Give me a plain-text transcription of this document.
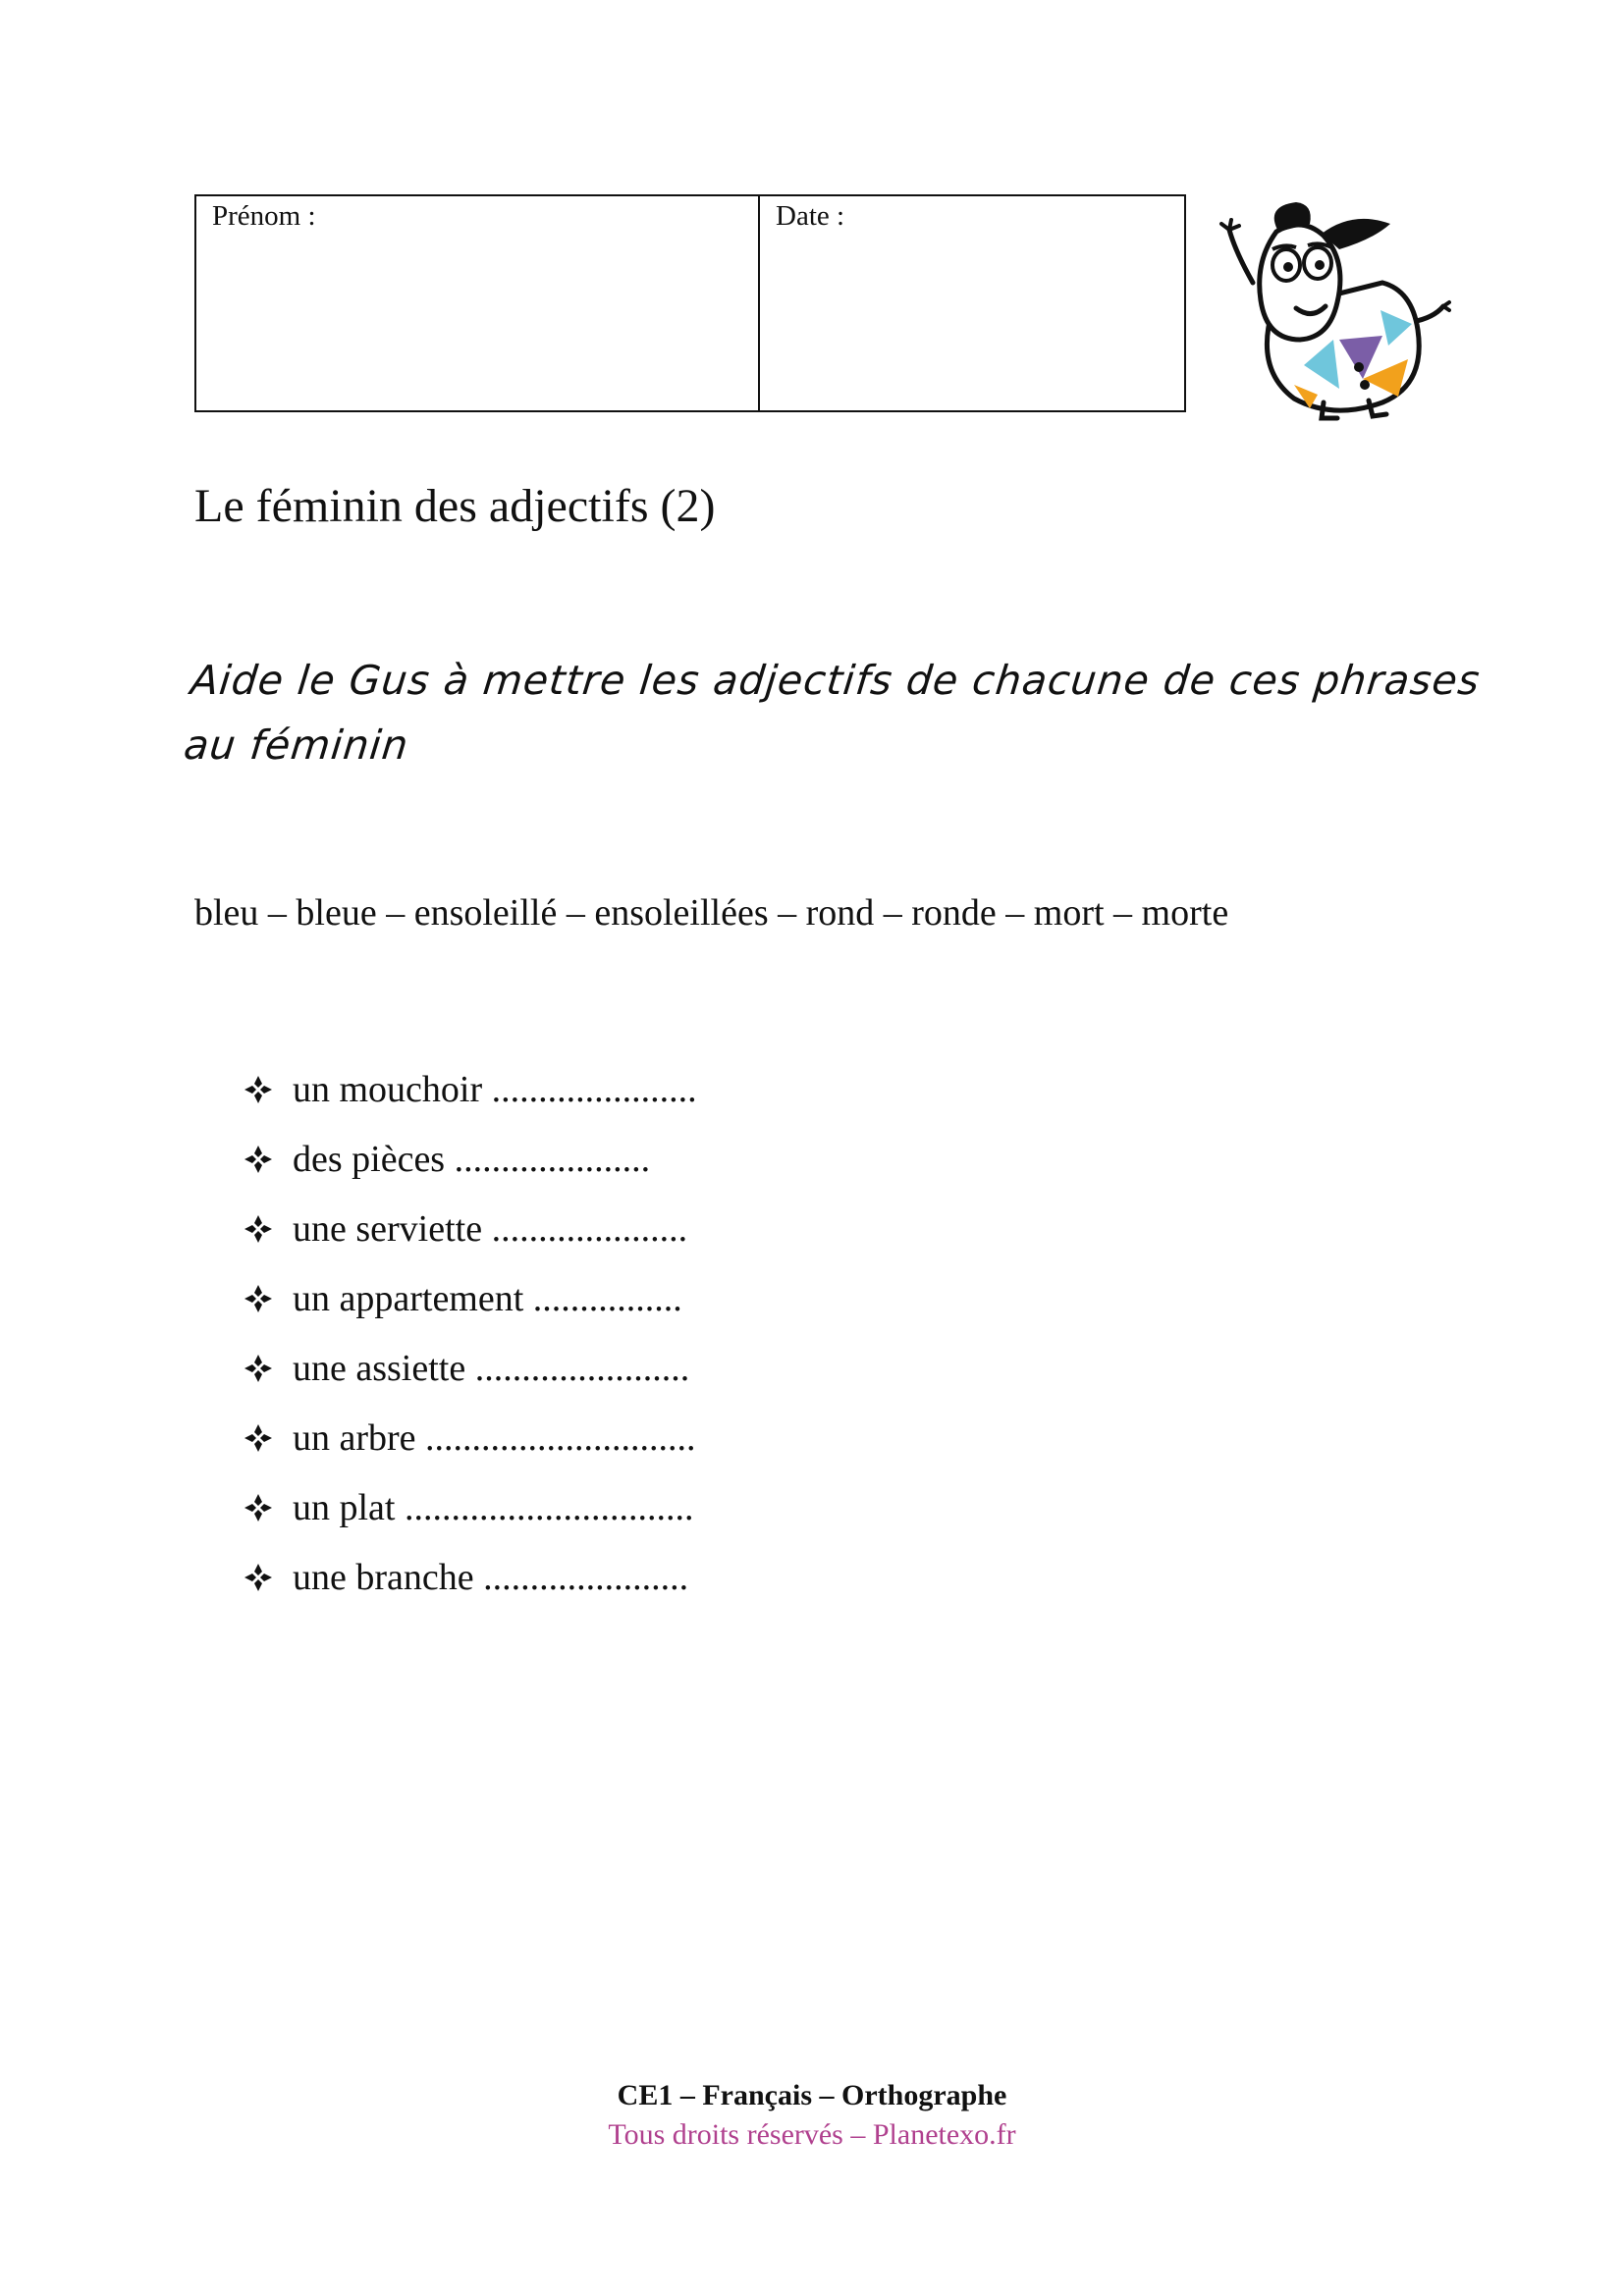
Prénom :	Date :
Le féminin des adjectifs (2)
Aide le Gus à mettre les adjectifs de chacune de ces phrases au féminin
bleu – bleue – ensoleillé – ensoleillées – rond – ronde – mort – morte
un mouchoir ......................
des pièces .....................
une serviette .....................
un appartement ................
une assiette .......................
un arbre .............................
un plat ...............................
une branche ......................
CE1 – Français – Orthographe
Tous droits réservés – Planetexo.fr
